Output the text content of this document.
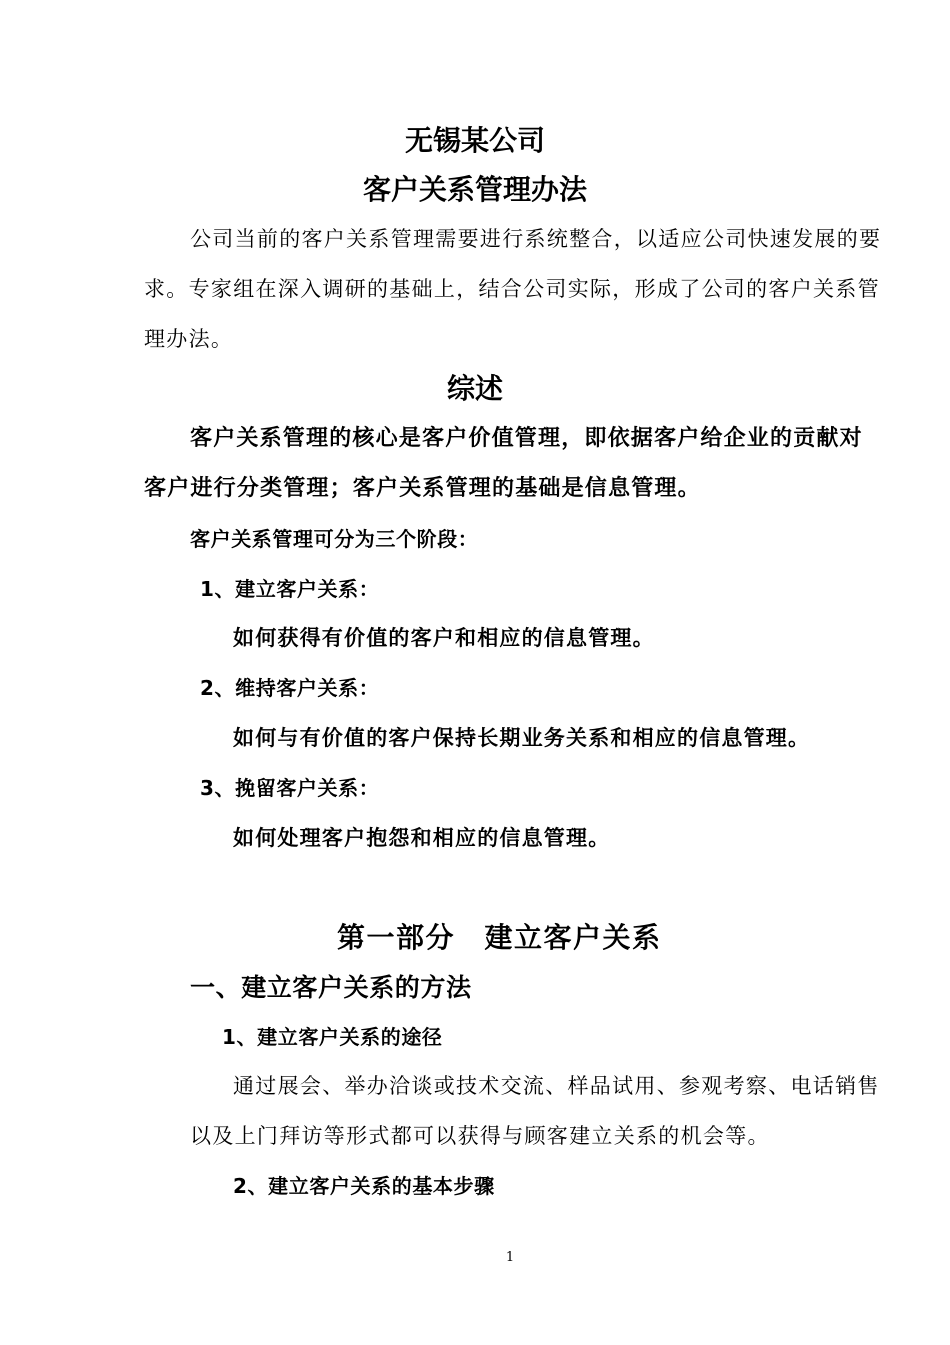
无锡某公司
客户关系管理办法
公司当前的客户关系管理需要进行系统整合，以适应公司快速发展的要
求。专家组在深入调研的基础上，结合公司实际，形成了公司的客户关系管
理办法。
综述
客户关系管理的核心是客户价值管理，即依据客户给企业的贡献对
客户进行分类管理；客户关系管理的基础是信息管理。
客户关系管理可分为三个阶段：
1、建立客户关系：
如何获得有价值的客户和相应的信息管理。
2、维持客户关系：
如何与有价值的客户保持长期业务关系和相应的信息管理。
3、挽留客户关系：
如何处理客户抱怨和相应的信息管理。
第一部分　建立客户关系
一、建立客户关系的方法
1、建立客户关系的途径
通过展会、举办洽谈或技术交流、样品试用、参观考察、电话销售
以及上门拜访等形式都可以获得与顾客建立关系的机会等。
2、建立客户关系的基本步骤
1
